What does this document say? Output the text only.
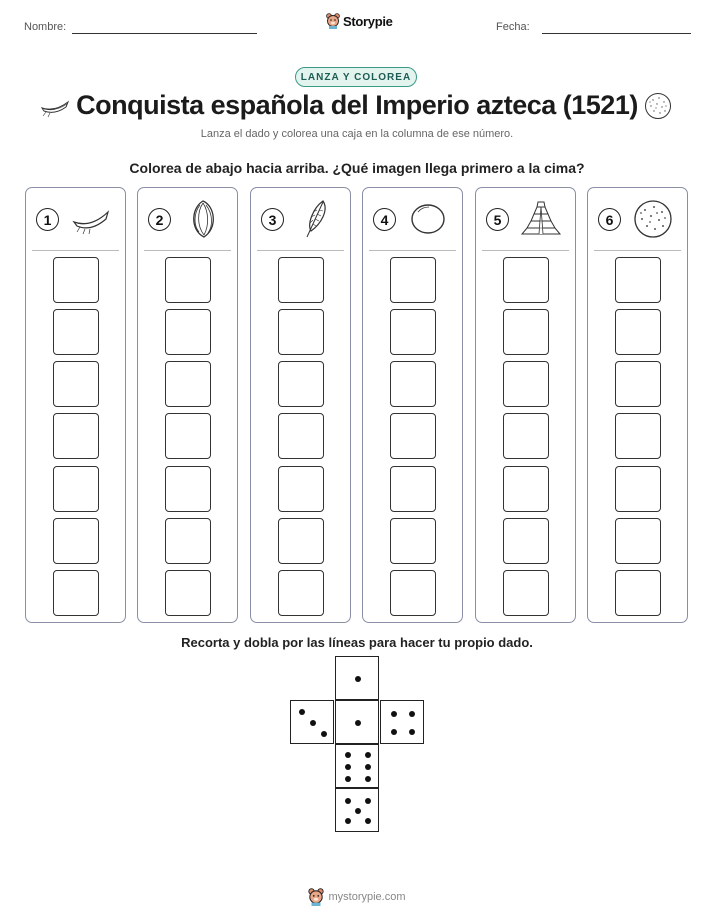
Nombre:	Storypie	Fecha:
LANZA Y COLOREA
Conquista española del Imperio azteca (1521)
Lanza el dado y colorea una caja en la columna de ese número.
Colorea de abajo hacia arriba. ¿Qué imagen llega primero a la cima?
1	2	3	4	5	6
Recorta y dobla por las líneas para hacer tu propio dado.
mystorypie.com
